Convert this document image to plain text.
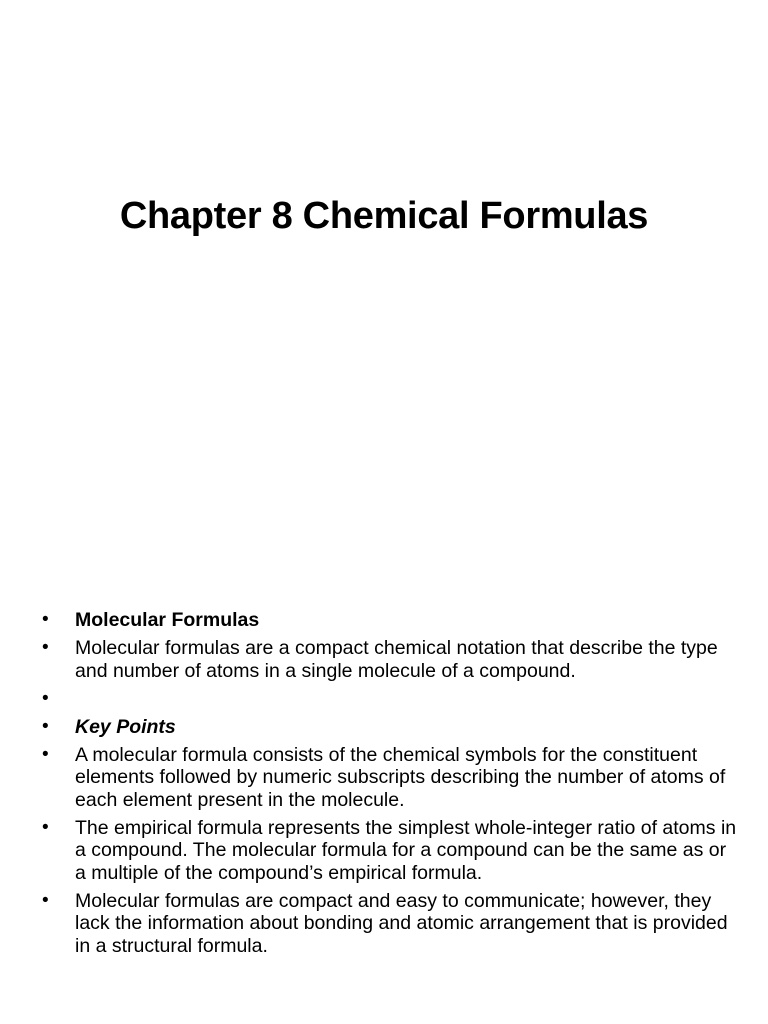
Chapter 8 Chemical Formulas
• Molecular Formulas
• Molecular formulas are a compact chemical notation that describe the type and number of atoms in a single molecule of a compound.
•
• Key Points
• A molecular formula consists of the chemical symbols for the constituent elements followed by numeric subscripts describing the number of atoms of each element present in the molecule.
• The empirical formula represents the simplest whole-integer ratio of atoms in a compound. The molecular formula for a compound can be the same as or a multiple of the compound’s empirical formula.
• Molecular formulas are compact and easy to communicate; however, they lack the information about bonding and atomic arrangement that is provided in a structural formula.
